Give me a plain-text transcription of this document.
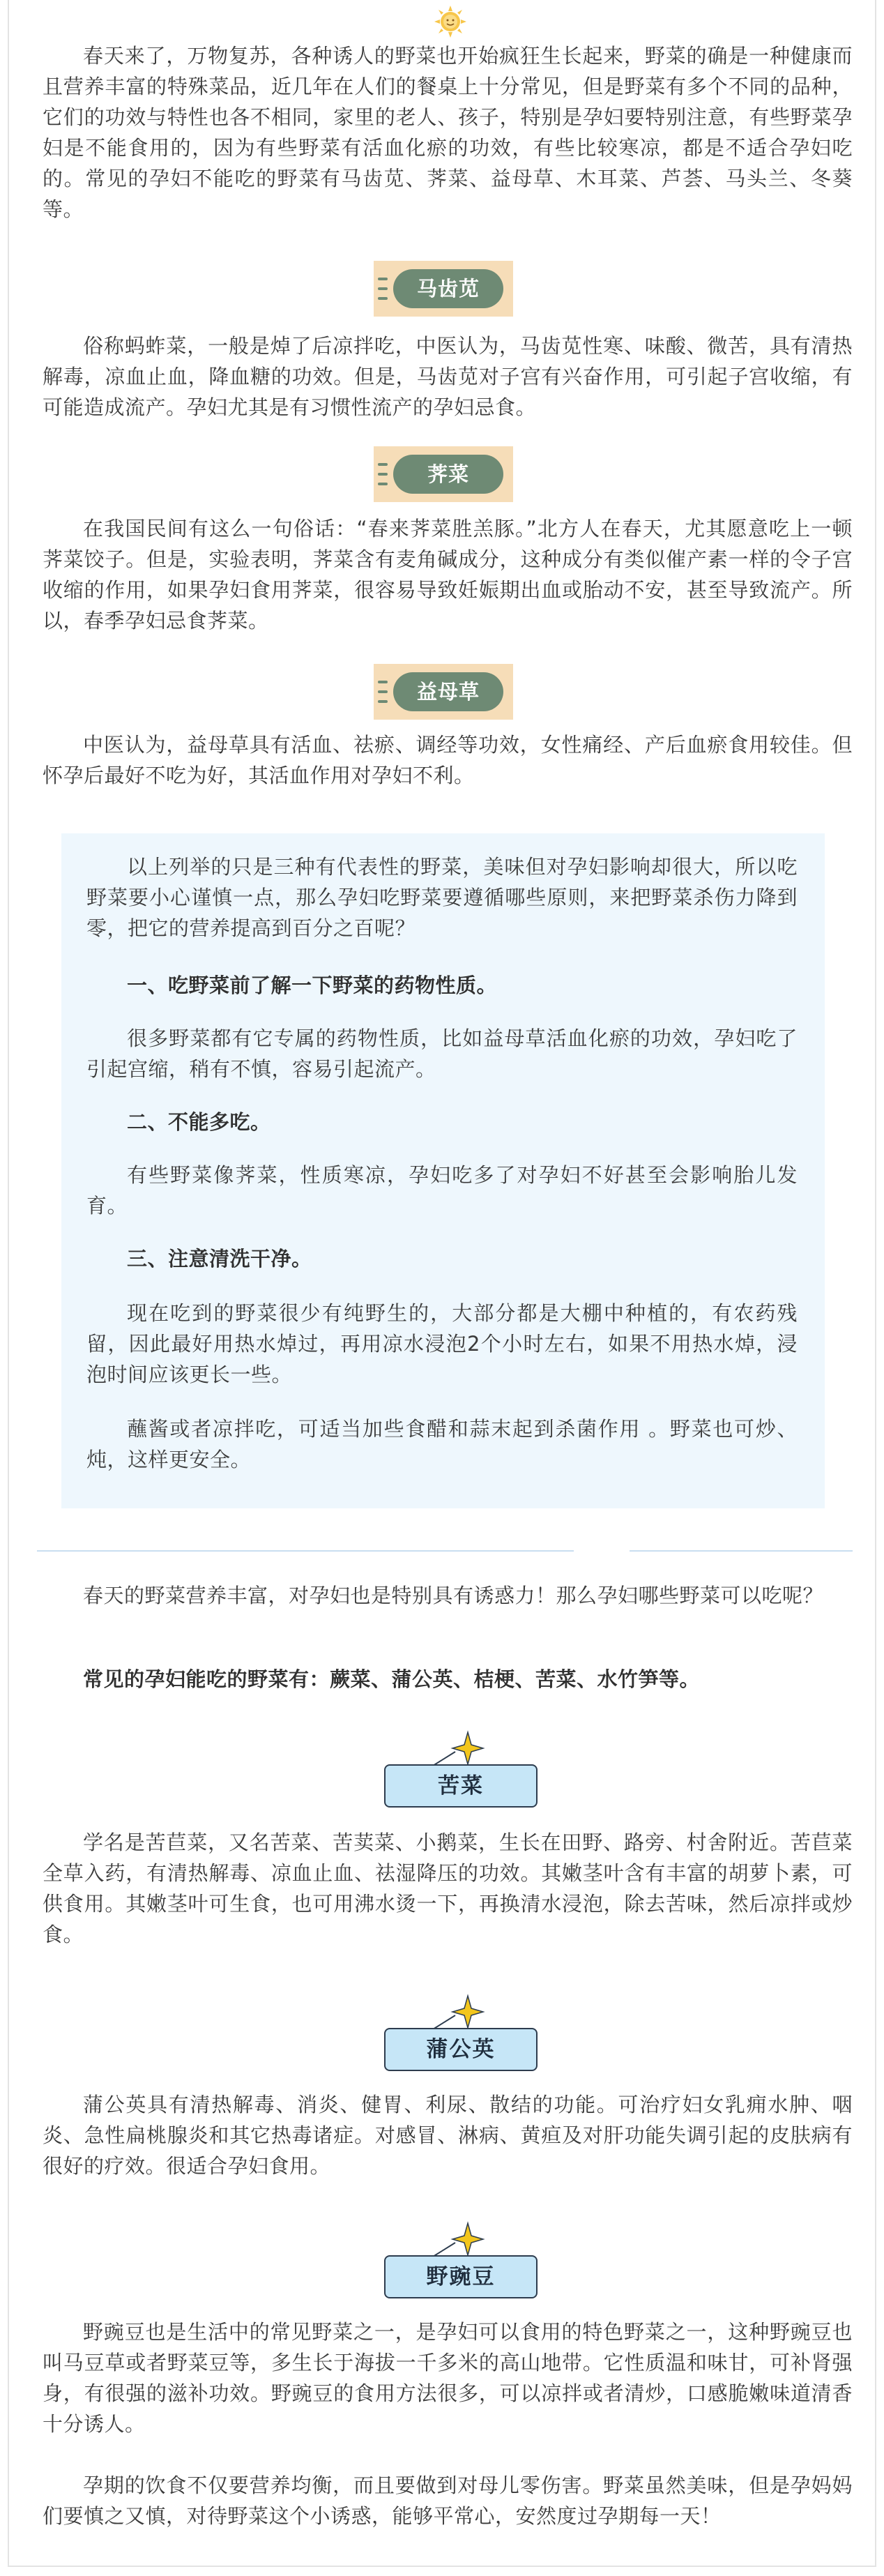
春天来了，万物复苏，各种诱人的野菜也开始疯狂生长起来，野菜的确是一种健康而且营养丰富的特殊菜品，近几年在人们的餐桌上十分常见，但是野菜有多个不同的品种，它们的功效与特性也各不相同，家里的老人、孩子，特别是孕妇要特别注意，有些野菜孕妇是不能食用的，因为有些野菜有活血化瘀的功效，有些比较寒凉，都是不适合孕妇吃的。常见的孕妇不能吃的野菜有马齿苋、荠菜、益母草、木耳菜、芦荟、马头兰、冬葵等。

马齿苋

俗称蚂蚱菜，一般是焯了后凉拌吃，中医认为，马齿苋性寒、味酸、微苦，具有清热解毒，凉血止血，降血糖的功效。但是，马齿苋对子宫有兴奋作用，可引起子宫收缩，有可能造成流产。孕妇尤其是有习惯性流产的孕妇忌食。

荠菜

在我国民间有这么一句俗话：“春来荠菜胜羔豚。”北方人在春天，尤其愿意吃上一顿荠菜饺子。但是，实验表明，荠菜含有麦角碱成分，这种成分有类似催产素一样的令子宫收缩的作用，如果孕妇食用荠菜，很容易导致妊娠期出血或胎动不安，甚至导致流产。所以，春季孕妇忌食荠菜。

益母草

中医认为，益母草具有活血、祛瘀、调经等功效，女性痛经、产后血瘀食用较佳。但怀孕后最好不吃为好，其活血作用对孕妇不利。

以上列举的只是三种有代表性的野菜，美味但对孕妇影响却很大，所以吃野菜要小心谨慎一点，那么孕妇吃野菜要遵循哪些原则，来把野菜杀伤力降到零，把它的营养提高到百分之百呢？

一、吃野菜前了解一下野菜的药物性质。

很多野菜都有它专属的药物性质，比如益母草活血化瘀的功效，孕妇吃了引起宫缩，稍有不慎，容易引起流产。

二、不能多吃。

有些野菜像荠菜，性质寒凉，孕妇吃多了对孕妇不好甚至会影响胎儿发育。

三、注意清洗干净。

现在吃到的野菜很少有纯野生的，大部分都是大棚中种植的，有农药残留，因此最好用热水焯过，再用凉水浸泡2个小时左右，如果不用热水焯，浸泡时间应该更长一些。

蘸酱或者凉拌吃，可适当加些食醋和蒜末起到杀菌作用 。野菜也可炒、炖，这样更安全。

春天的野菜营养丰富，对孕妇也是特别具有诱惑力！那么孕妇哪些野菜可以吃呢？

常见的孕妇能吃的野菜有：蕨菜、蒲公英、桔梗、苦菜、水竹笋等。

苦菜

学名是苦苣菜，又名苦菜、苦荬菜、小鹅菜，生长在田野、路旁、村舍附近。苦苣菜全草入药，有清热解毒、凉血止血、祛湿降压的功效。其嫩茎叶含有丰富的胡萝卜素，可供食用。其嫩茎叶可生食，也可用沸水烫一下，再换清水浸泡，除去苦味，然后凉拌或炒食。

蒲公英

蒲公英具有清热解毒、消炎、健胃、利尿、散结的功能。可治疗妇女乳痈水肿、咽炎、急性扁桃腺炎和其它热毒诸症。对感冒、淋病、黄疸及对肝功能失调引起的皮肤病有很好的疗效。很适合孕妇食用。

野豌豆

野豌豆也是生活中的常见野菜之一，是孕妇可以食用的特色野菜之一，这种野豌豆也叫马豆草或者野菜豆等，多生长于海拔一千多米的高山地带。它性质温和味甘，可补肾强身，有很强的滋补功效。野豌豆的食用方法很多，可以凉拌或者清炒，口感脆嫩味道清香十分诱人。

孕期的饮食不仅要营养均衡，而且要做到对母儿零伤害。野菜虽然美味，但是孕妈妈们要慎之又慎，对待野菜这个小诱惑，能够平常心，安然度过孕期每一天！
